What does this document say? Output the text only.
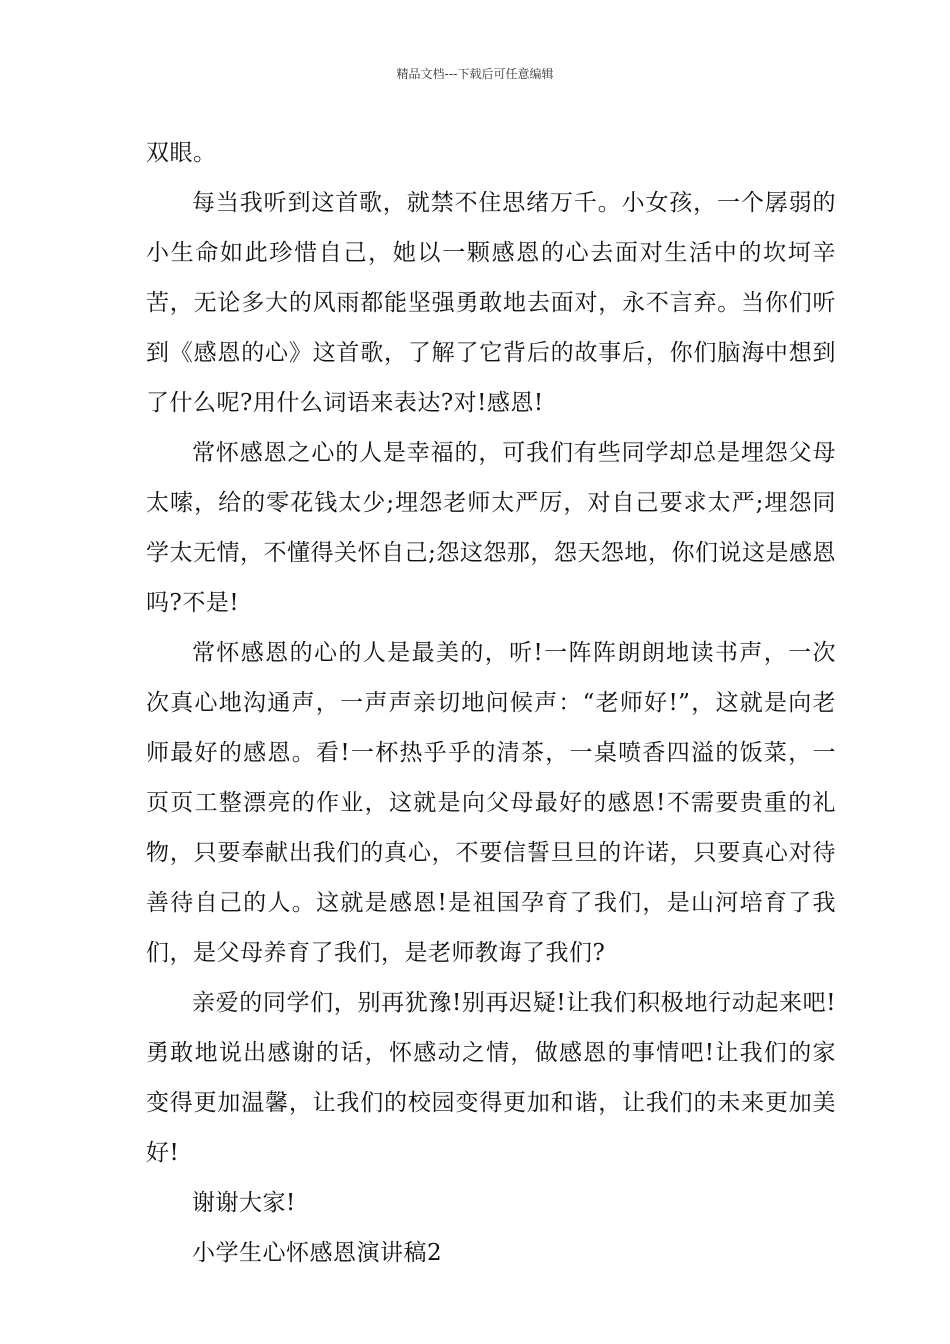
精品文档---下载后可任意编辑

双眼。

每当我听到这首歌，就禁不住思绪万千。小女孩，一个孱弱的小生命如此珍惜自己，她以一颗感恩的心去面对生活中的坎坷辛苦，无论多大的风雨都能坚强勇敢地去面对，永不言弃。当你们听到《感恩的心》这首歌，了解了它背后的故事后，你们脑海中想到了什么呢?用什么词语来表达?对!感恩!

常怀感恩之心的人是幸福的，可我们有些同学却总是埋怨父母太嗦，给的零花钱太少;埋怨老师太严厉，对自己要求太严;埋怨同学太无情，不懂得关怀自己;怨这怨那，怨天怨地，你们说这是感恩吗?不是!

常怀感恩的心的人是最美的，听!一阵阵朗朗地读书声，一次次真心地沟通声，一声声亲切地问候声：“老师好!”，这就是向老师最好的感恩。看!一杯热乎乎的清茶，一桌喷香四溢的饭菜，一页页工整漂亮的作业，这就是向父母最好的感恩!不需要贵重的礼物，只要奉献出我们的真心，不要信誓旦旦的许诺，只要真心对待善待自己的人。这就是感恩!是祖国孕育了我们，是山河培育了我们，是父母养育了我们，是老师教诲了我们?

亲爱的同学们，别再犹豫!别再迟疑!让我们积极地行动起来吧!勇敢地说出感谢的话，怀感动之情，做感恩的事情吧!让我们的家变得更加温馨，让我们的校园变得更加和谐，让我们的未来更加美好!

谢谢大家!

小学生心怀感恩演讲稿2
